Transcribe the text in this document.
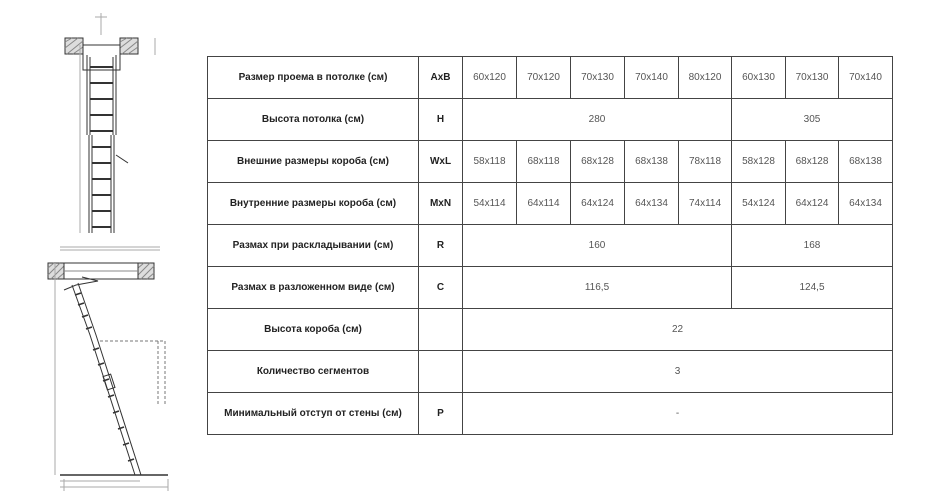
Размер проема в потолке (см)	AxB	60x120	70x120	70x130	70x140	80x120	60x130	70x130	70x140
Высота потолка (см)	H	280					305		
Внешние размеры короба (см)	WxL	58x118	68x118	68x128	68x138	78x118	58x128	68x128	68x138
Внутренние размеры короба (см)	MxN	54x114	64x114	64x124	64x134	74x114	54x124	64x124	64x134
Размах при раскладывании (см)	R	160					168		
Размах в разложенном виде (см)	C	116,5					124,5		
Высота короба (см)		22							
Количество сегментов		3							
Минимальный отступ от стены (см)	P	-							
